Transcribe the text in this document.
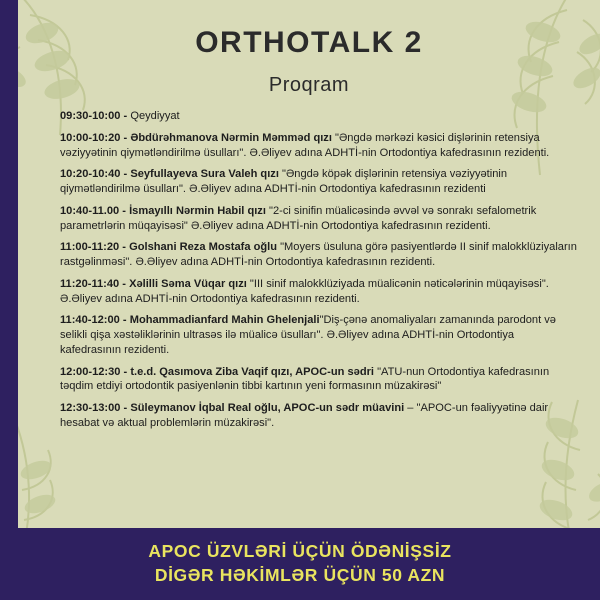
ORTHOTALK 2
Proqram
09:30-10:00 - Qeydiyyat
10:00-10:20 - Əbdürəhmanova Nərmin Məmməd qızı "Əngdə mərkəzi kəsici dişlərinin retensiya vəziyyətinin qiymətləndirilmə üsulları". Ə.Əliyev adına ADHTİ-nin Ortodontiya kafedrasının rezidenti.
10:20-10:40 - Seyfullayeva Sura Valeh qızı "Əngdə köpək dişlərinin retensiya vəziyyətinin qiymətləndirilmə üsulları". Ə.Əliyev adına ADHTİ-nin Ortodontiya kafedrasının rezidenti
10:40-11.00 - İsmayıllı Nərmin Habil qızı "2-ci sinifin müalicəsində əvvəl və sonrakı sefalometrik parametrlərin müqayisəsi" Ə.Əliyev adına ADHTİ-nin Ortodontiya kafedrasının rezidenti.
11:00-11:20 - Golshani Reza Mostafa oğlu "Moyers üsuluna görə pasiyentlərdə II sinif malokklüziyaların rastgəlinməsi". Ə.Əliyev adına ADHTİ-nin Ortodontiya kafedrasının rezidenti.
11:20-11:40 - Xəlilli Səma Vüqar qızı "III sinif malokklüziyada müalicənin nəticələrinin müqayisəsi". Ə.Əliyev adına ADHTİ-nin Ortodontiya kafedrasının rezidenti.
11:40-12:00 - Mohammadianfard Mahin Ghelenjali"Diş-çənə anomaliyaları zamanında parodont və selikli qişa xəstəliklərinin ultrasəs ilə müalicə üsulları". Ə.Əliyev adına ADHTİ-nin Ortodontiya kafedrasının rezidenti.
12:00-12:30 - t.e.d. Qasımova Ziba Vaqif qızı, APOC-un sədri "ATU-nun Ortodontiya kafedrasının təqdim etdiyi ortodontik pasiyenlənin tibbi kartının yeni formasının müzakirəsi"
12:30-13:00 - Süleymanov İqbal Real oğlu, APOC-un sədr müavini – "APOC-un fəaliyyətinə dair hesabat və aktual problemlərin müzakirəsi".
APOC ÜZVLƏRİ ÜÇÜN ÖDƏNİŞSİZ
DİGƏR HƏKİMLƏR ÜÇÜN 50 AZN
